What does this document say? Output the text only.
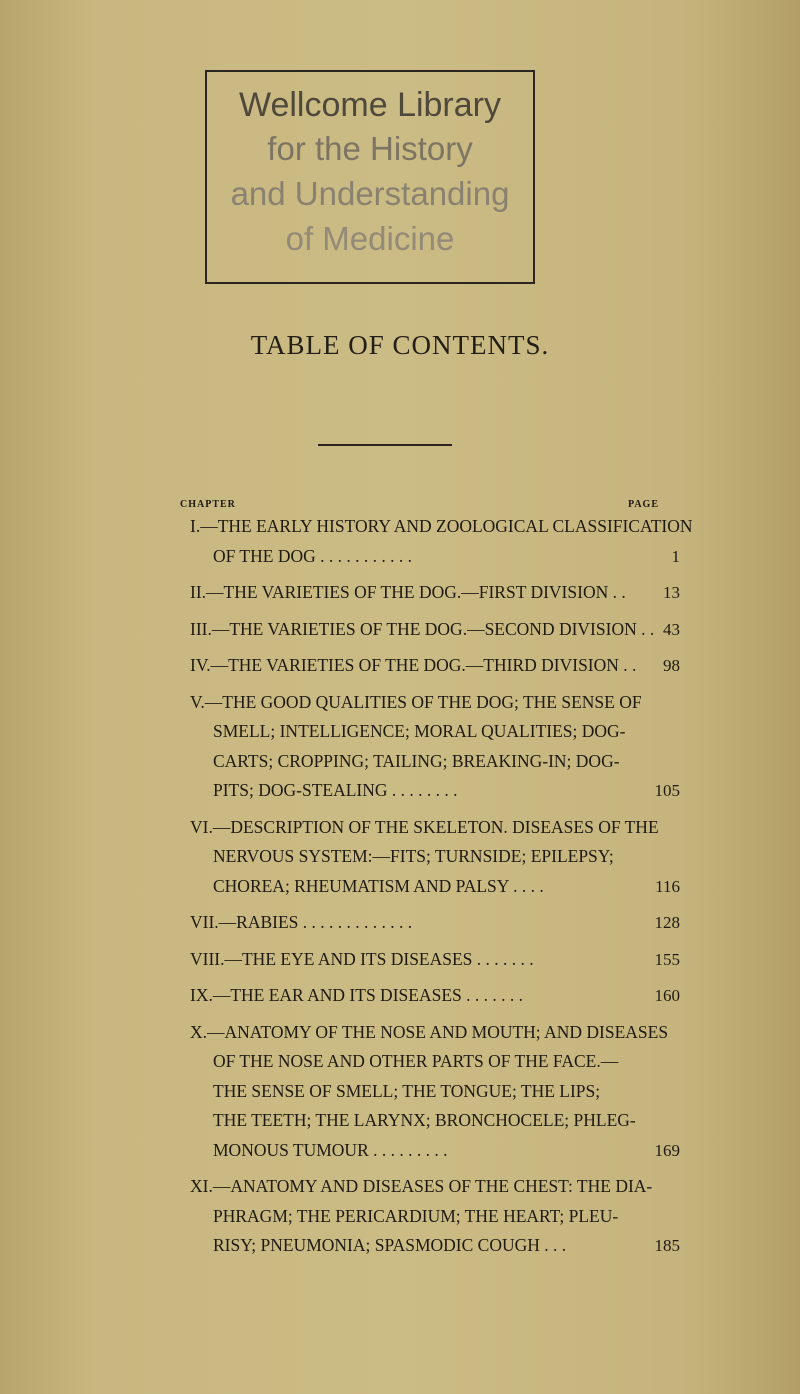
Wellcome Library
for the History
and Understanding
of Medicine
TABLE OF CONTENTS.
CHAPTER	PAGE
I.—THE EARLY HISTORY AND ZOOLOGICAL CLASSIFICATION
OF THE DOG . . . . . . . . . . .	1
II.—THE VARIETIES OF THE DOG.—FIRST DIVISION . . 13
III.—THE VARIETIES OF THE DOG.—SECOND DIVISION . . 43
IV.—THE VARIETIES OF THE DOG.—THIRD DIVISION . . 98
V.—THE GOOD QUALITIES OF THE DOG; THE SENSE OF
SMELL; INTELLIGENCE; MORAL QUALITIES; DOG-
CARTS; CROPPING; TAILING; BREAKING-IN; DOG-
PITS; DOG-STEALING . . . . . . . .	105
VI.—DESCRIPTION OF THE SKELETON. DISEASES OF THE
NERVOUS SYSTEM:—FITS; TURNSIDE; EPILEPSY;
CHOREA; RHEUMATISM AND PALSY . . . .	116
VII.—RABIES . . . . . . . . . . . . .	128
VIII.—THE EYE AND ITS DISEASES . . . . . . .	155
IX.—THE EAR AND ITS DISEASES . . . . . . .	160
X.—ANATOMY OF THE NOSE AND MOUTH; AND DISEASES
OF THE NOSE AND OTHER PARTS OF THE FACE.—
THE SENSE OF SMELL; THE TONGUE; THE LIPS;
THE TEETH; THE LARYNX; BRONCHOCELE; PHLEG-
MONOUS TUMOUR . . . . . . . . .	169
XI.—ANATOMY AND DISEASES OF THE CHEST: THE DIA-
PHRAGM; THE PERICARDIUM; THE HEART; PLEU-
RISY; PNEUMONIA; SPASMODIC COUGH . . .	185
